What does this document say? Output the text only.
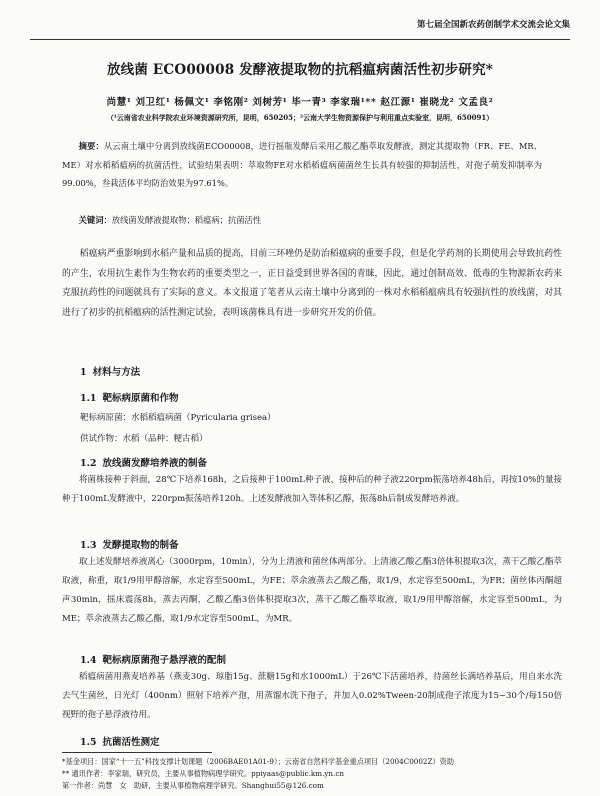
第七届全国新农药创制学术交流会论文集
放线菌 ECO00008 发酵液提取物的抗稻瘟病菌活性初步研究*
尚慧¹ 刘卫红¹ 杨佩文¹ 李铭刚² 刘树芳¹ 毕一青³ 李家瑞¹** 赵江源¹ 崔晓龙² 文孟良²
（¹云南省农业科学院农业环境资源研究所，昆明，650205；²云南大学生物资源保护与利用重点实验室，昆明，650091）

摘要：从云南土壤中分离到放线菌ECO00008，进行摇瓶发酵后采用乙酸乙酯萃取发酵液，测定其提取物（FR、FE、MR、ME）对水稻稻瘟病的抗菌活性，试验结果表明：萃取物FE对水稻稻瘟病菌菌丝生长具有较强的抑制活性，对孢子萌发抑制率为99.00%，叁栽活体平均防治效果为97.61%。

关键词：放线菌发酵液提取物；稻瘟病；抗菌活性

稻瘟病严重影响到水稻产量和品质的提高，目前三环唑仍是防治稻瘟病的重要手段，但是化学药剂的长期使用会导致抗药性的产生，农用抗生素作为生物农药的重要类型之一，正日益受到世界各国的青睐，因此，通过创制高效、低毒的生物源新农药来克服抗药性的问题就具有了实际的意义。本文报道了笔者从云南土壤中分离到的一株对水稻稻瘟病具有较强抗性的放线菌，对其进行了初步的抗稻瘟病的活性测定试验，表明该菌株具有进一步研究开发的价值。

1 材料与方法
1.1 靶标病原菌和作物
靶标病原菌：水稻稻瘟病菌（Pyricularia grisea）
供试作物：水稻（品种：粳古稻）
1.2 放线菌发酵培养液的制备

将菌株接种于斜面，28℃下培养168h，之后接种于100mL种子液，接种后的种子液220rpm振荡培养48h后，再按10%的量接种于100mL发酵液中，220rpm振荡培养120h。上述发酵液加入等体积乙醇，振荡8h后制成发酵培养液。

1.3 发酵提取物的制备

取上述发酵培养液离心（3000rpm，10min），分为上清液和菌丝体两部分。上清液乙酸乙酯3倍体积提取3次，蒸干乙酸乙酯萃取液，称重，取1/9用甲醇溶解，水定容至500mL，为FE；萃余液蒸去乙酸乙酯，取1/9，水定容至500mL，为FR；菌丝体丙酮超声30min，摇床震荡8h，蒸去丙酮，乙酸乙酯3倍体积提取3次，蒸干乙酸乙酯萃取液，取1/9用甲醇溶解，水定容至500mL，为ME；萃余液蒸去乙酸乙酯，取1/9水定容至500mL，为MR。

1.4 靶标病原菌孢子悬浮液的配制

稻瘟病菌用燕麦培养基（燕麦30g、琼脂15g、蔗糖15g和水1000mL）于26℃下活菌培养，待菌丝长满培养基后，用自来水洗去气生菌丝，日光灯（400nm）照射下培养产孢，用蒸馏水洗下孢子，并加入0.02%Tween-20制成孢子浓度为15~30个/每150倍视野的孢子悬浮液待用。

1.5 抗菌活性测定
*基金项目：国家“十一五”科技支撑计划课题（2006BAE01A01-9）；云南省自然科学基金重点项目（2004C0002Z）资助
** 通讯作者：李家瑞，研究员，主要从事植物病理学研究。ppiyaas@public.km.yn.cn
第一作者：尚慧　女　助研，主要从事植物病理学研究。Shanghui55@126.com
